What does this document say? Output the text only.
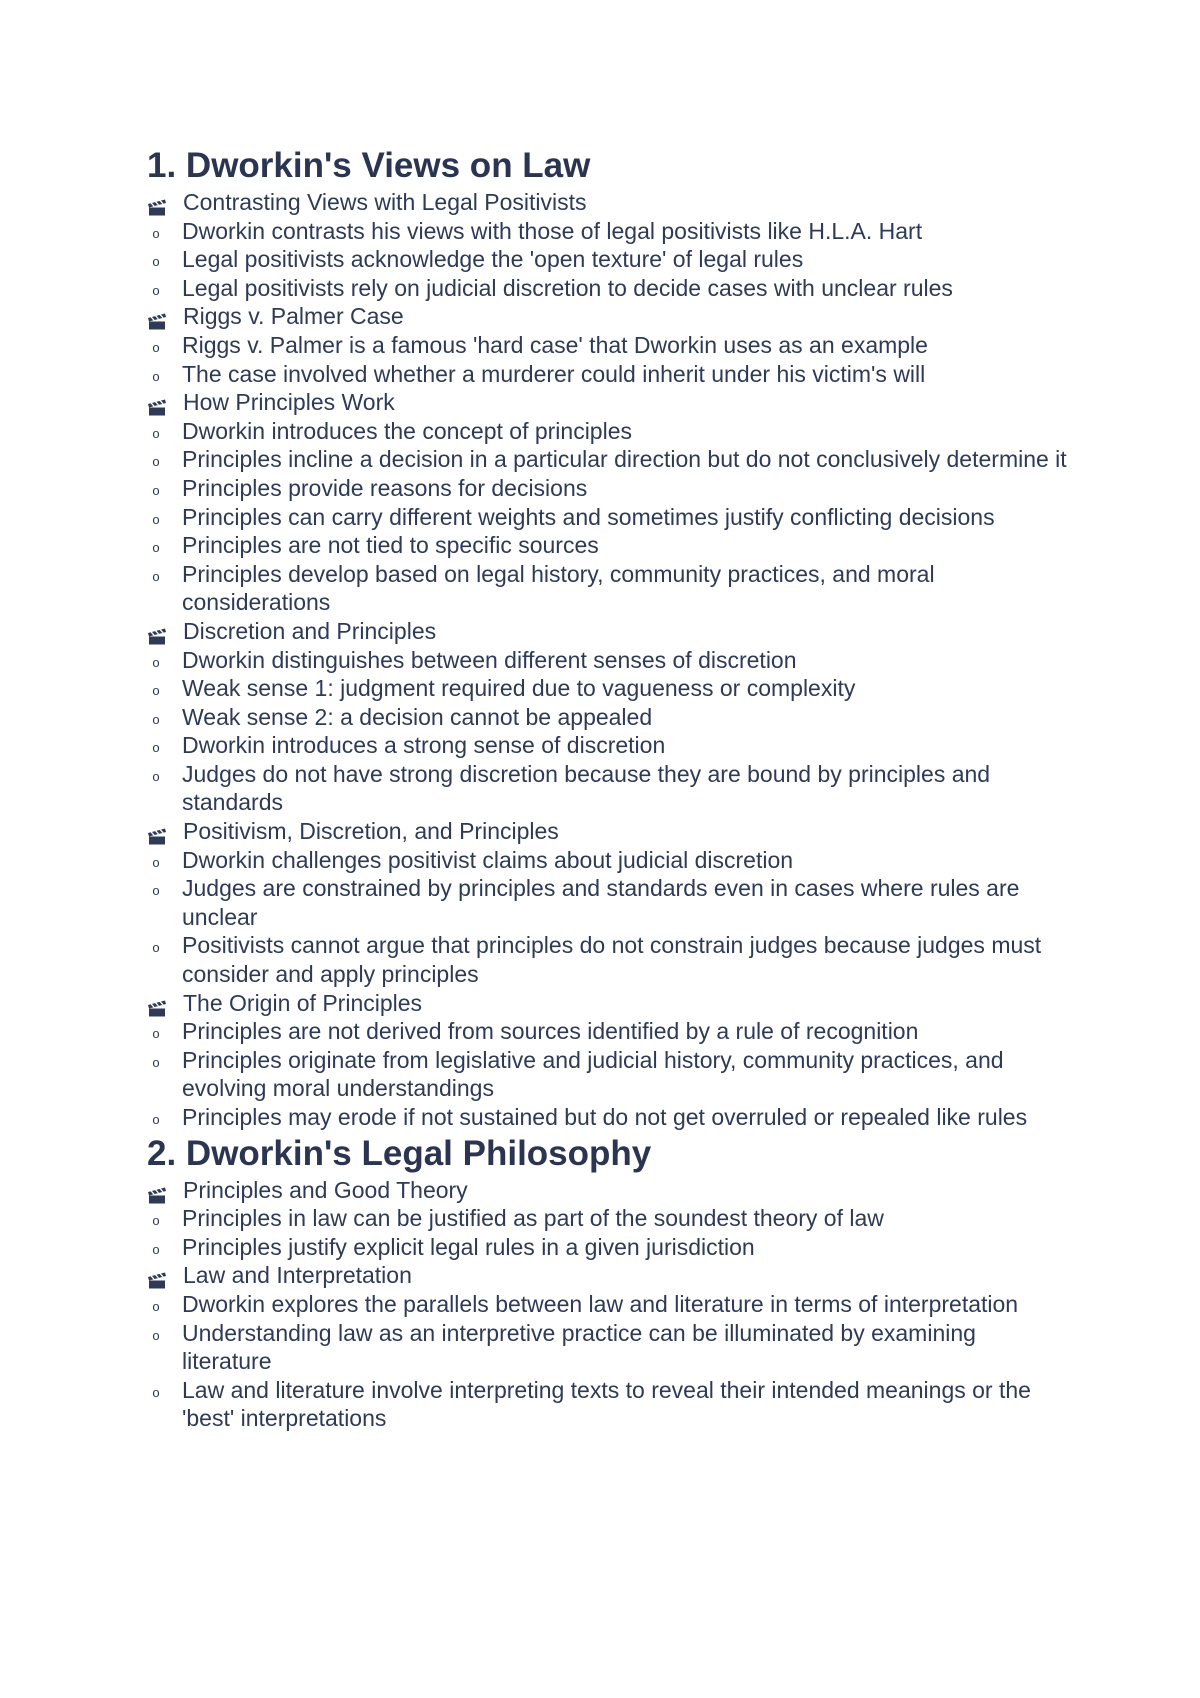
1. Dworkin's Views on Law
Contrasting Views with Legal Positivists
o Dworkin contrasts his views with those of legal positivists like H.L.A. Hart
o Legal positivists acknowledge the 'open texture' of legal rules
o Legal positivists rely on judicial discretion to decide cases with unclear rules
Riggs v. Palmer Case
o Riggs v. Palmer is a famous 'hard case' that Dworkin uses as an example
o The case involved whether a murderer could inherit under his victim's will
How Principles Work
o Dworkin introduces the concept of principles
o Principles incline a decision in a particular direction but do not conclusively determine it
o Principles provide reasons for decisions
o Principles can carry different weights and sometimes justify conflicting decisions
o Principles are not tied to specific sources
o Principles develop based on legal history, community practices, and moral considerations
Discretion and Principles
o Dworkin distinguishes between different senses of discretion
o Weak sense 1: judgment required due to vagueness or complexity
o Weak sense 2: a decision cannot be appealed
o Dworkin introduces a strong sense of discretion
o Judges do not have strong discretion because they are bound by principles and standards
Positivism, Discretion, and Principles
o Dworkin challenges positivist claims about judicial discretion
o Judges are constrained by principles and standards even in cases where rules are unclear
o Positivists cannot argue that principles do not constrain judges because judges must consider and apply principles
The Origin of Principles
o Principles are not derived from sources identified by a rule of recognition
o Principles originate from legislative and judicial history, community practices, and evolving moral understandings
o Principles may erode if not sustained but do not get overruled or repealed like rules
2. Dworkin's Legal Philosophy
Principles and Good Theory
o Principles in law can be justified as part of the soundest theory of law
o Principles justify explicit legal rules in a given jurisdiction
Law and Interpretation
o Dworkin explores the parallels between law and literature in terms of interpretation
o Understanding law as an interpretive practice can be illuminated by examining literature
o Law and literature involve interpreting texts to reveal their intended meanings or the 'best' interpretations
